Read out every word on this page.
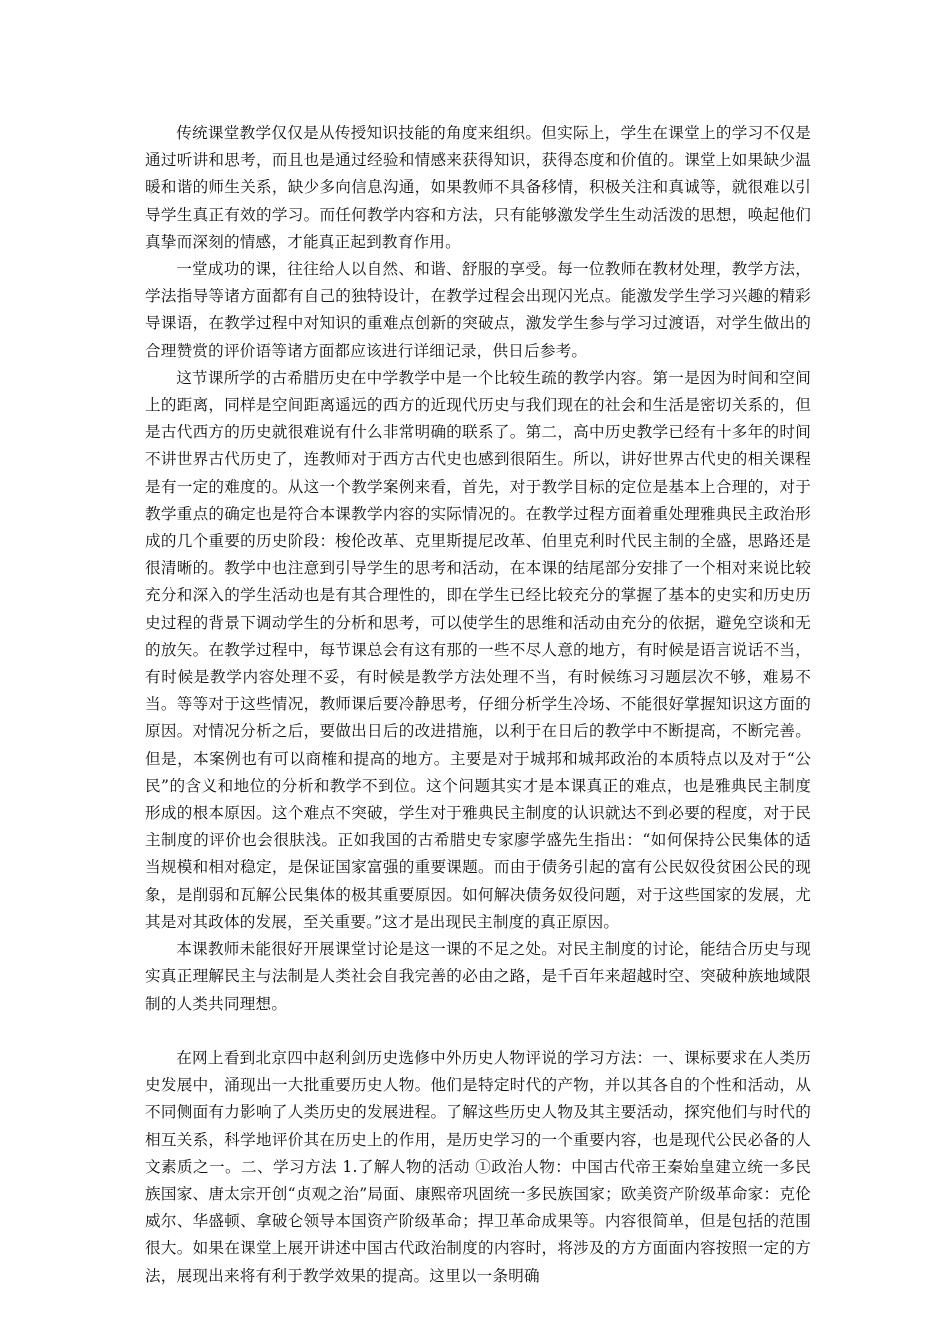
传统课堂教学仅仅是从传授知识技能的角度来组织。但实际上，学生在课堂上的学习不仅是通过听讲和思考，而且也是通过经验和情感来获得知识，获得态度和价值的。课堂上如果缺少温暖和谐的师生关系，缺少多向信息沟通，如果教师不具备移情，积极关注和真诚等，就很难以引导学生真正有效的学习。而任何教学内容和方法，只有能够激发学生生动活泼的思想，唤起他们真挚而深刻的情感，才能真正起到教育作用。

一堂成功的课，往往给人以自然、和谐、舒服的享受。每一位教师在教材处理，教学方法，学法指导等诸方面都有自己的独特设计，在教学过程会出现闪光点。能激发学生学习兴趣的精彩导课语，在教学过程中对知识的重难点创新的突破点，激发学生参与学习过渡语，对学生做出的合理赞赏的评价语等诸方面都应该进行详细记录，供日后参考。

这节课所学的古希腊历史在中学教学中是一个比较生疏的教学内容。第一是因为时间和空间上的距离，同样是空间距离遥远的西方的近现代历史与我们现在的社会和生活是密切关系的，但是古代西方的历史就很难说有什么非常明确的联系了。第二，高中历史教学已经有十多年的时间不讲世界古代历史了，连教师对于西方古代史也感到很陌生。所以，讲好世界古代史的相关课程是有一定的难度的。从这一个教学案例来看，首先，对于教学目标的定位是基本上合理的，对于教学重点的确定也是符合本课教学内容的实际情况的。在教学过程方面着重处理雅典民主政治形成的几个重要的历史阶段：梭伦改革、克里斯提尼改革、伯里克利时代民主制的全盛，思路还是很清晰的。教学中也注意到引导学生的思考和活动，在本课的结尾部分安排了一个相对来说比较充分和深入的学生活动也是有其合理性的，即在学生已经比较充分的掌握了基本的史实和历史历史过程的背景下调动学生的分析和思考，可以使学生的思维和活动由充分的依据，避免空谈和无的放矢。在教学过程中，每节课总会有这有那的一些不尽人意的地方，有时候是语言说话不当，有时候是教学内容处理不妥，有时候是教学方法处理不当，有时候练习习题层次不够，难易不当。等等对于这些情况，教师课后要冷静思考，仔细分析学生冷场、不能很好掌握知识这方面的原因。对情况分析之后，要做出日后的改进措施，以利于在日后的教学中不断提高，不断完善。但是，本案例也有可以商榷和提高的地方。主要是对于城邦和城邦政治的本质特点以及对于“公民”的含义和地位的分析和教学不到位。这个问题其实才是本课真正的难点，也是雅典民主制度形成的根本原因。这个难点不突破，学生对于雅典民主制度的认识就达不到必要的程度，对于民主制度的评价也会很肤浅。正如我国的古希腊史专家廖学盛先生指出：“如何保持公民集体的适当规模和相对稳定，是保证国家富强的重要课题。而由于债务引起的富有公民奴役贫困公民的现象，是削弱和瓦解公民集体的极其重要原因。如何解决债务奴役问题，对于这些国家的发展，尤其是对其政体的发展，至关重要。”这才是出现民主制度的真正原因。

本课教师未能很好开展课堂讨论是这一课的不足之处。对民主制度的讨论，能结合历史与现实真正理解民主与法制是人类社会自我完善的必由之路，是千百年来超越时空、突破种族地域限制的人类共同理想。

在网上看到北京四中赵利剑历史选修中外历史人物评说的学习方法：一、课标要求在人类历史发展中，涌现出一大批重要历史人物。他们是特定时代的产物，并以其各自的个性和活动，从不同侧面有力影响了人类历史的发展进程。了解这些历史人物及其主要活动，探究他们与时代的相互关系，科学地评价其在历史上的作用，是历史学习的一个重要内容，也是现代公民必备的人文素质之一。二、学习方法 1.了解人物的活动 ①政治人物：中国古代帝王秦始皇建立统一多民族国家、唐太宗开创“贞观之治”局面、康熙帝巩固统一多民族国家；欧美资产阶级革命家：克伦威尔、华盛顿、拿破仑领导本国资产阶级革命；捍卫革命成果等。内容很简单，但是包括的范围很大。如果在课堂上展开讲述中国古代政治制度的内容时，将涉及的方方面面内容按照一定的方法，展现出来将有利于教学效果的提高。这里以一条明确
